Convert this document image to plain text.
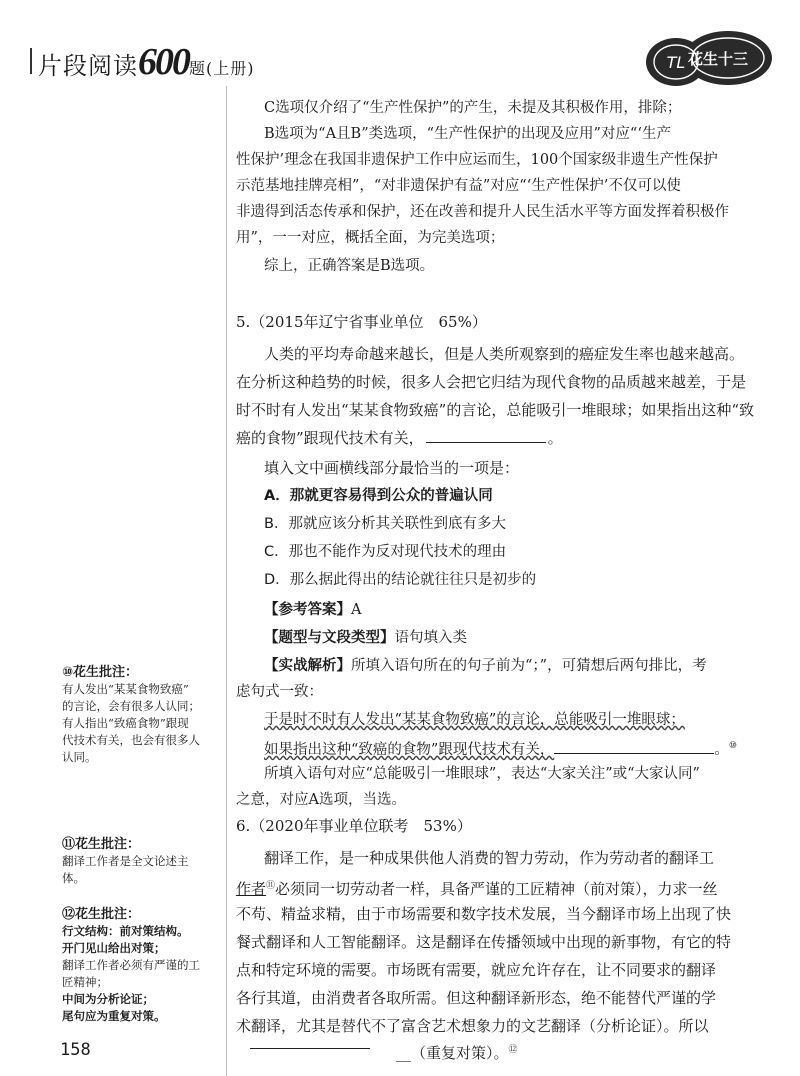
片段阅读600题(上册)	TL 花生十三
C选项仅介绍了“生产性保护”的产生，未提及其积极作用，排除；
B选项为“A且B”类选项，“生产性保护的出现及应用”对应“‘生产
性保护’理念在我国非遗保护工作中应运而生，100个国家级非遗生产性保护
示范基地挂牌亮相”，“对非遗保护有益”对应“‘生产性保护’不仅可以使
非遗得到活态传承和保护，还在改善和提升人民生活水平等方面发挥着积极作
用”，一一对应，概括全面，为完美选项；
综上，正确答案是B选项。
5.（2015年辽宁省事业单位　65%）
人类的平均寿命越来越长，但是人类所观察到的癌症发生率也越来越高。
在分析这种趋势的时候，很多人会把它归结为现代食物的品质越来越差，于是
时不时有人发出“某某食物致癌”的言论，总能吸引一堆眼球；如果指出这种“致
癌的食物”跟现代技术有关，	。
填入文中画横线部分最恰当的一项是：
A．那就更容易得到公众的普遍认同
B．那就应该分析其关联性到底有多大
C．那也不能作为反对现代技术的理由
D．那么据此得出的结论就往往只是初步的
【参考答案】A
【题型与文段类型】语句填入类
【实战解析】所填入语句所在的句子前为“；”，可猜想后两句排比，考
虑句式一致：
于是时不时有人发出“某某食物致癌”的言论，总能吸引一堆眼球；
如果指出这种“致癌的食物”跟现代技术有关，	。⑩
所填入语句对应“总能吸引一堆眼球”，表达“大家关注”或“大家认同”
之意，对应A选项，当选。
6.（2020年事业单位联考　53%）
翻译工作，是一种成果供他人消费的智力劳动，作为劳动者的翻译工
作者⑪必须同一切劳动者一样，具备严谨的工匠精神（前对策），力求一丝
不苟、精益求精，由于市场需要和数字技术发展，当今翻译市场上出现了快
餐式翻译和人工智能翻译。这是翻译在传播领域中出现的新事物，有它的特
点和特定环境的需要。市场既有需要，就应允许存在，让不同要求的翻译
各行其道，由消费者各取所需。但这种翻译新形态，绝不能替代严谨的学
术翻译，尤其是替代不了富含艺术想象力的文艺翻译（分析论证）。所以
__（重复对策）。⑫
⑩花生批注：
有人发出“某某食物致癌”
的言论，会有很多人认同；
有人指出“致癌食物”跟现
代技术有关，也会有很多人
认同。
⑪花生批注：
翻译工作者是全文论述主
体。
⑫花生批注：
行文结构：前对策结构。
开门见山给出对策；
翻译工作者必须有严谨的工
匠精神；
中间为分析论证；
尾句应为重复对策。
158
